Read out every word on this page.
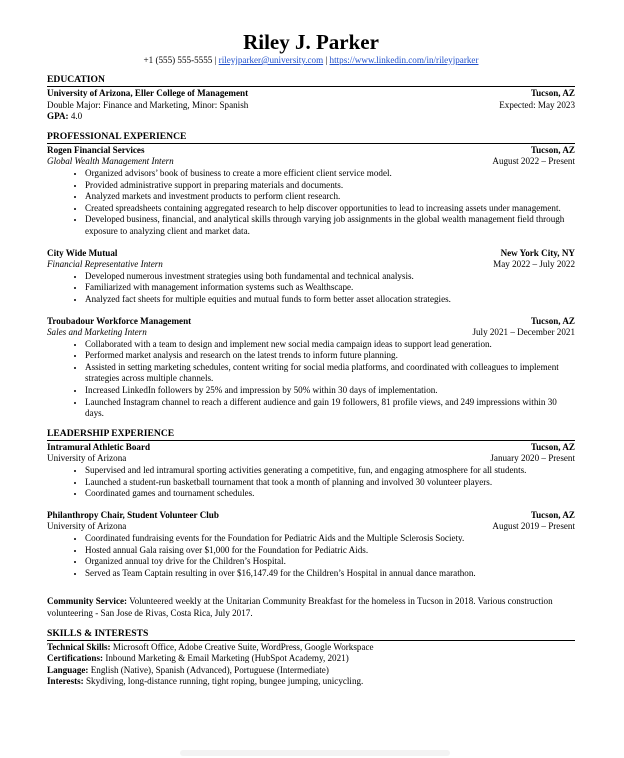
Riley J. Parker
+1 (555) 555-5555 | rileyjparker@university.com | https://www.linkedin.com/in/rileyjparker
EDUCATION
University of Arizona, Eller College of Management	Tucson, AZ
Double Major: Finance and Marketing, Minor: Spanish	Expected: May 2023
GPA: 4.0
PROFESSIONAL EXPERIENCE
Rogen Financial Services	Tucson, AZ
Global Wealth Management Intern	August 2022 – Present
• Organized advisors’ book of business to create a more efficient client service model.
• Provided administrative support in preparing materials and documents.
• Analyzed markets and investment products to perform client research.
• Created spreadsheets containing aggregated research to help discover opportunities to lead to increasing assets under management.
• Developed business, financial, and analytical skills through varying job assignments in the global wealth management field through exposure to analyzing client and market data.
City Wide Mutual	New York City, NY
Financial Representative Intern	May 2022 – July 2022
• Developed numerous investment strategies using both fundamental and technical analysis.
• Familiarized with management information systems such as Wealthscape.
• Analyzed fact sheets for multiple equities and mutual funds to form better asset allocation strategies.
Troubadour Workforce Management	Tucson, AZ
Sales and Marketing Intern	July 2021 – December 2021
• Collaborated with a team to design and implement new social media campaign ideas to support lead generation.
• Performed market analysis and research on the latest trends to inform future planning.
• Assisted in setting marketing schedules, content writing for social media platforms, and coordinated with colleagues to implement strategies across multiple channels.
• Increased LinkedIn followers by 25% and impression by 50% within 30 days of implementation.
• Launched Instagram channel to reach a different audience and gain 19 followers, 81 profile views, and 249 impressions within 30 days.
LEADERSHIP EXPERIENCE
Intramural Athletic Board	Tucson, AZ
University of Arizona	January 2020 – Present
• Supervised and led intramural sporting activities generating a competitive, fun, and engaging atmosphere for all students.
• Launched a student-run basketball tournament that took a month of planning and involved 30 volunteer players.
• Coordinated games and tournament schedules.
Philanthropy Chair, Student Volunteer Club	Tucson, AZ
University of Arizona	August 2019 – Present
• Coordinated fundraising events for the Foundation for Pediatric Aids and the Multiple Sclerosis Society.
• Hosted annual Gala raising over $1,000 for the Foundation for Pediatric Aids.
• Organized annual toy drive for the Children’s Hospital.
• Served as Team Captain resulting in over $16,147.49 for the Children’s Hospital in annual dance marathon.
Community Service: Volunteered weekly at the Unitarian Community Breakfast for the homeless in Tucson in 2018. Various construction volunteering - San Jose de Rivas, Costa Rica, July 2017.
SKILLS & INTERESTS
Technical Skills: Microsoft Office, Adobe Creative Suite, WordPress, Google Workspace
Certifications: Inbound Marketing & Email Marketing (HubSpot Academy, 2021)
Language: English (Native), Spanish (Advanced), Portuguese (Intermediate)
Interests: Skydiving, long-distance running, tight roping, bungee jumping, unicycling.
